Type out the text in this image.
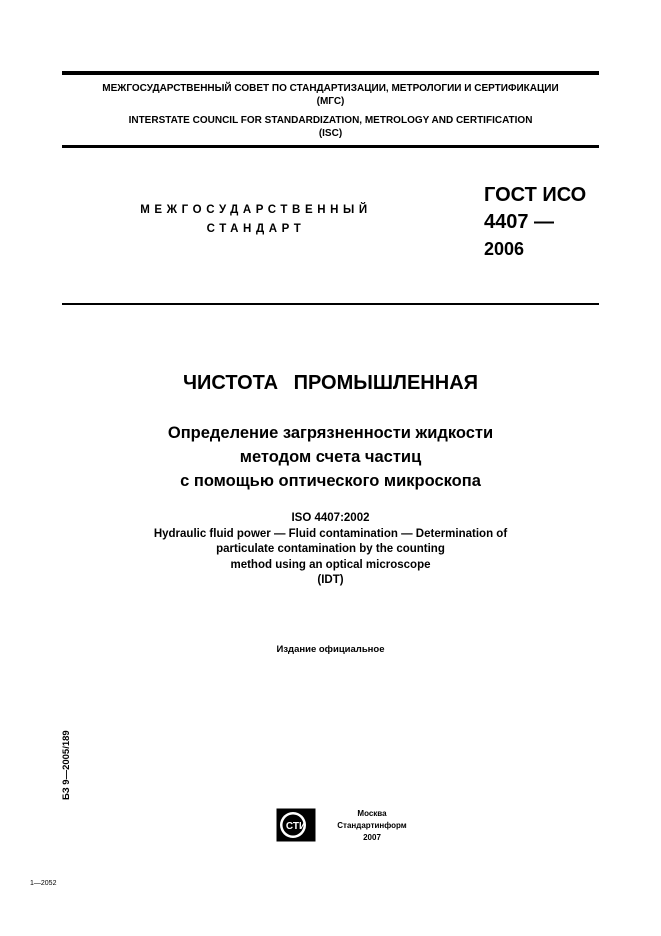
МЕЖГОСУДАРСТВЕННЫЙ СОВЕТ ПО СТАНДАРТИЗАЦИИ, МЕТРОЛОГИИ И СЕРТИФИКАЦИИ
(МГС)
INTERSTATE COUNCIL FOR STANDARDIZATION, METROLOGY AND CERTIFICATION
(ISC)
МЕЖГОСУДАРСТВЕННЫЙ
СТАНДАРТ
ГОСТ ИСО
4407 —
2006
ЧИСТОТА ПРОМЫШЛЕННАЯ
Определение загрязненности жидкости
методом счета частиц
с помощью оптического микроскопа
ISO 4407:2002
Hydraulic fluid power — Fluid contamination — Determination of
particulate contamination by the counting
method using an optical microscope
(IDT)
Издание официальное
БЗ 9—2005/189
СТИ
Москва
Стандартинформ
2007
1—2052
